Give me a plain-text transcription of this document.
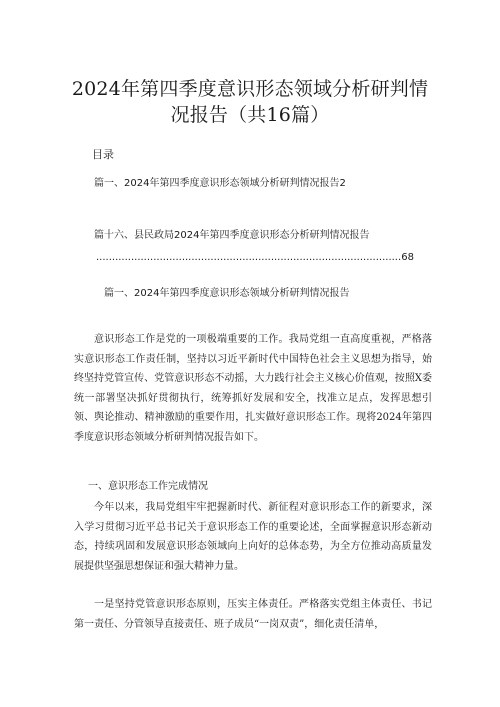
2024年第四季度意识形态领域分析研判情况报告（共16篇）
目录
篇一、2024年第四季度意识形态领域分析研判情况报告2
篇十六、县民政局2024年第四季度意识形态分析研判情况报告
.....
68
篇一、2024年第四季度意识形态领域分析研判情况报告

意识形态工作是党的一项极端重要的工作。我局党组一直高度重视，严格落实意识形态工作责任制，坚持以习近平新时代中国特色社会主义思想为指导，始终坚持党管宣传、党管意识形态不动摇，大力践行社会主义核心价值观，按照X委统一部署坚决抓好贯彻执行，统筹抓好发展和安全，找准立足点，发挥思想引领、舆论推动、精神激励的重要作用，扎实做好意识形态工作。现将2024年第四季度意识形态领域分析研判情况报告如下。

一、意识形态工作完成情况

今年以来，我局党组牢牢把握新时代、新征程对意识形态工作的新要求，深入学习贯彻习近平总书记关于意识形态工作的重要论述，全面掌握意识形态新动态，持续巩固和发展意识形态领域向上向好的总体态势，为全方位推动高质量发展提供坚强思想保证和强大精神力量。

一是坚持党管意识形态原则，压实主体责任。严格落实党组主体责任、书记第一责任、分管领导直接责任、班子成员“一岗双责”，细化责任清单，
